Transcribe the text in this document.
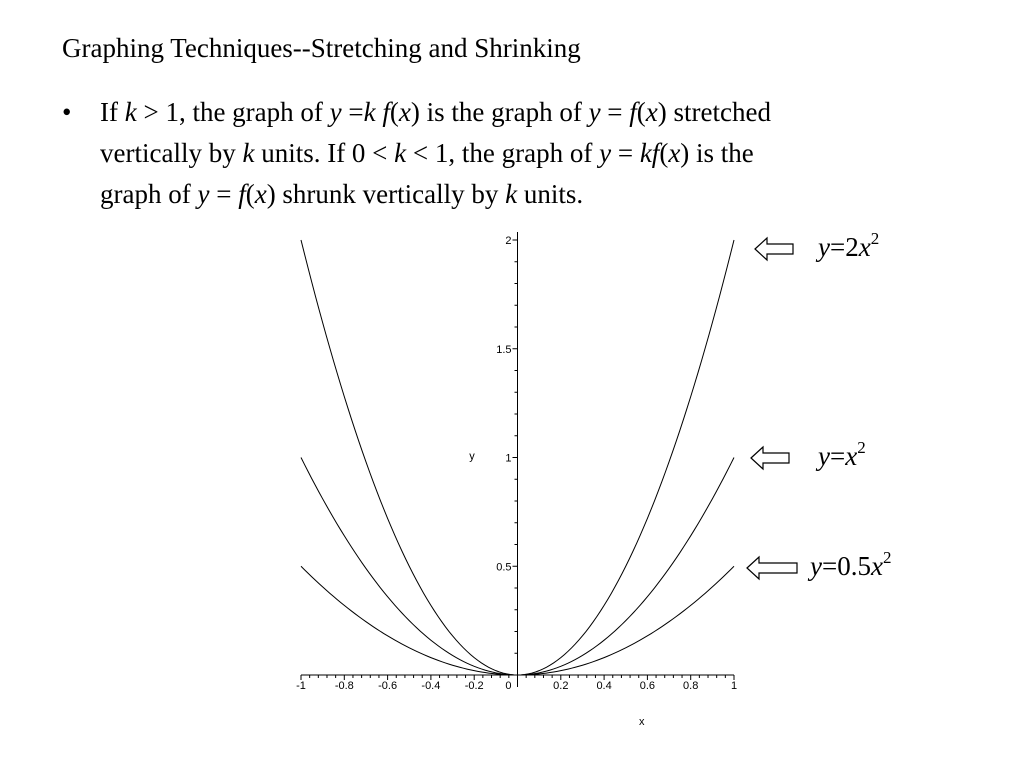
Graphing Techniques--Stretching and Shrinking
• If k > 1, the graph of y =k f(x) is the graph of y = f(x) stretched
vertically by k units. If 0 < k < 1, the graph of y = kf(x) is the
graph of y = f(x) shrunk vertically by k units.
-1	-0.8 -0.6 -0.4 -0.2 0	0.2	0.4	0.6	0.8	1
0.5
1
1.5
2
x
y
$y=2x^2$
$y=x^2$
$y=0.5x^2$
